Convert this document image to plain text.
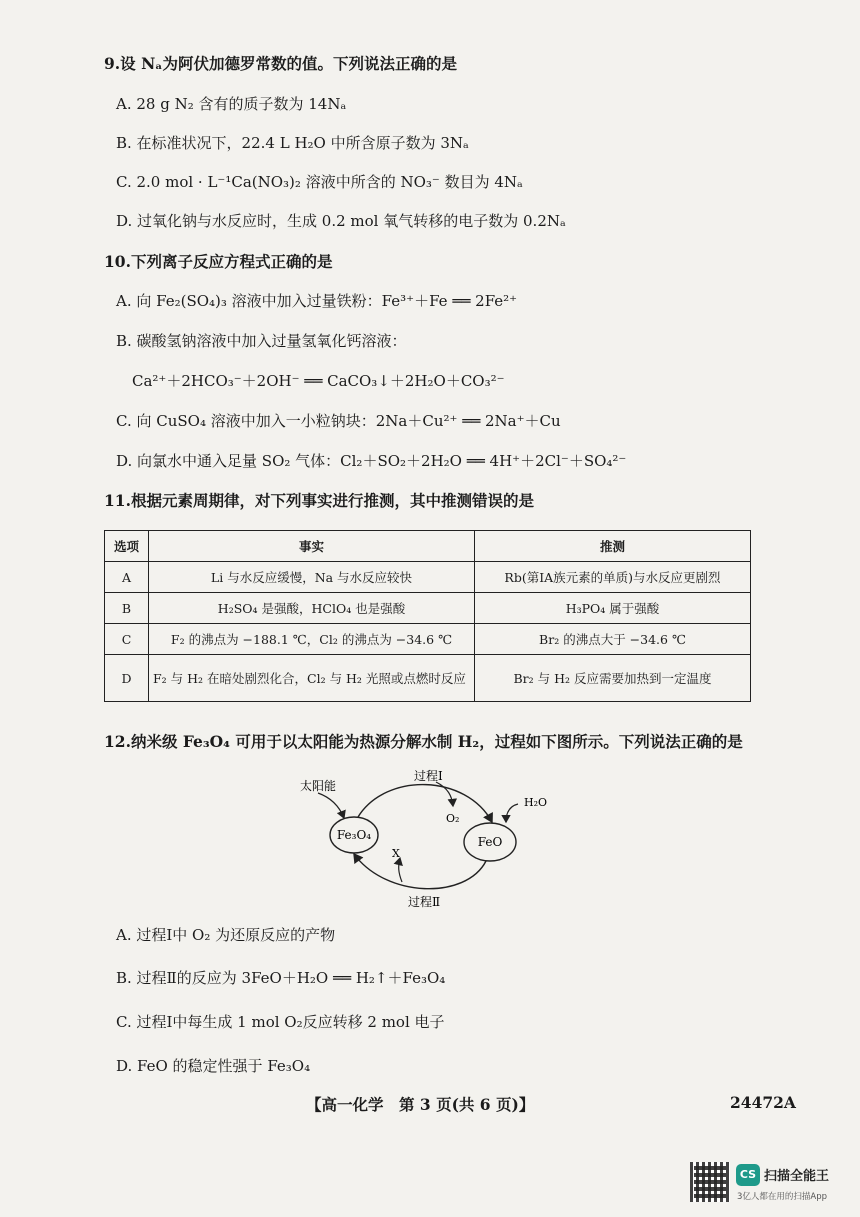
9.设 Nₐ为阿伏加德罗常数的值。下列说法正确的是
A. 28 g N₂ 含有的质子数为 14Nₐ
B. 在标准状况下，22.4 L H₂O 中所含原子数为 3Nₐ
C. 2.0 mol · L⁻¹Ca(NO₃)₂ 溶液中所含的 NO₃⁻ 数目为 4Nₐ
D. 过氧化钠与水反应时，生成 0.2 mol 氧气转移的电子数为 0.2Nₐ
10.下列离子反应方程式正确的是
A. 向 Fe₂(SO₄)₃ 溶液中加入过量铁粉：Fe³⁺＋Fe ══ 2Fe²⁺
B. 碳酸氢钠溶液中加入过量氢氧化钙溶液：
Ca²⁺＋2HCO₃⁻＋2OH⁻ ══ CaCO₃↓＋2H₂O＋CO₃²⁻
C. 向 CuSO₄ 溶液中加入一小粒钠块：2Na＋Cu²⁺ ══ 2Na⁺＋Cu
D. 向氯水中通入足量 SO₂ 气体：Cl₂＋SO₂＋2H₂O ══ 4H⁺＋2Cl⁻＋SO₄²⁻
11.根据元素周期律，对下列事实进行推测，其中推测错误的是
选项	事实	推测
A	Li 与水反应缓慢，Na 与水反应较快	Rb(第ⅠA族元素的单质)与水反应更剧烈
B	H₂SO₄ 是强酸，HClO₄ 也是强酸	H₃PO₄ 属于强酸
C	F₂ 的沸点为 −188.1 ℃，Cl₂ 的沸点为 −34.6 ℃	Br₂ 的沸点大于 −34.6 ℃
D	F₂ 与 H₂ 在暗处剧烈化合，Cl₂ 与 H₂ 光照或点燃时反应	Br₂ 与 H₂ 反应需要加热到一定温度
12.纳米级 Fe₃O₄ 可用于以太阳能为热源分解水制 H₂，过程如下图所示。下列说法正确的是
Fe₃O₄	FeO
太阳能
O₂
H₂O
X
过程Ⅰ
过程Ⅱ
A. 过程Ⅰ中 O₂ 为还原反应的产物
B. 过程Ⅱ的反应为 3FeO＋H₂O ══ H₂↑＋Fe₃O₄
C. 过程Ⅰ中每生成 1 mol O₂反应转移 2 mol 电子
D. FeO 的稳定性强于 Fe₃O₄
【高一化学　第 3 页(共 6 页)】	24472A
CS 扫描全能王
3亿人都在用的扫描App
